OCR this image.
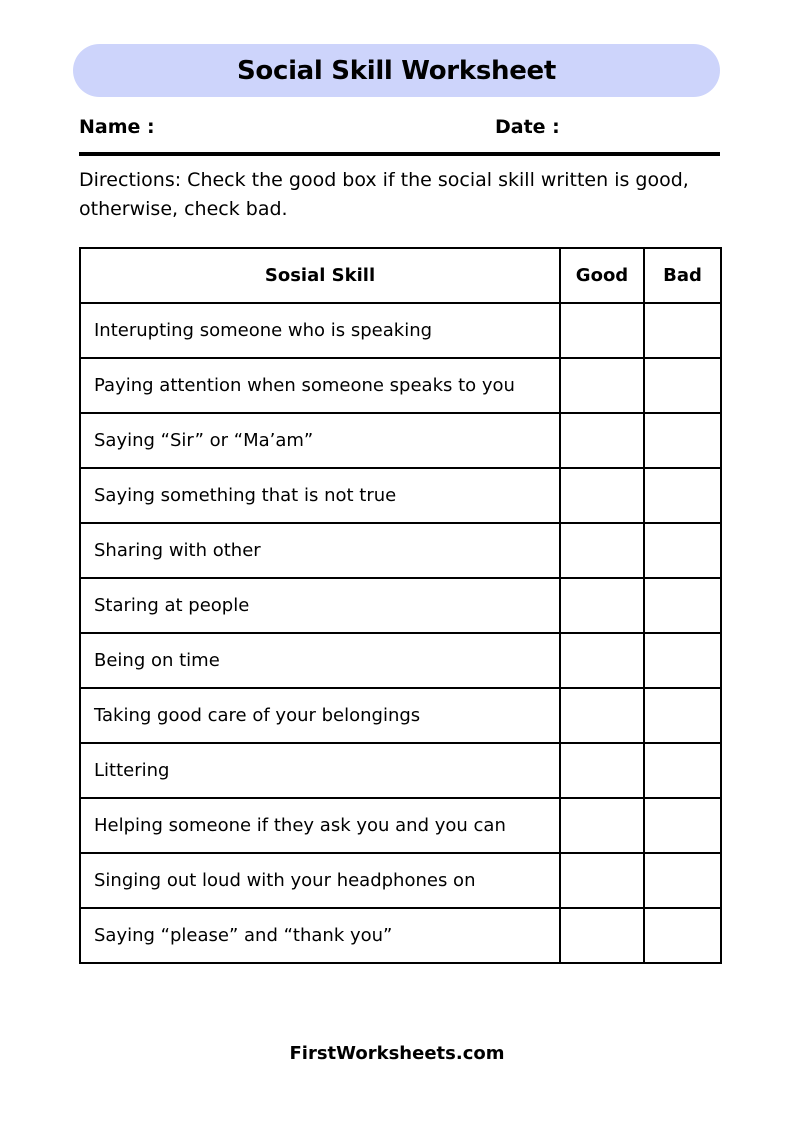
Social Skill Worksheet
Name :	Date :
Directions: Check the good box if the social skill written is good, otherwise, check bad.
Sosial Skill	Good	Bad
Interupting someone who is speaking		
Paying attention when someone speaks to you		
Saying “Sir” or “Ma’am”		
Saying something that is not true		
Sharing with other		
Staring at people		
Being on time		
Taking good care of your belongings		
Littering		
Helping someone if they ask you and you can		
Singing out loud with your headphones on		
Saying “please” and “thank you”		
FirstWorksheets.com
